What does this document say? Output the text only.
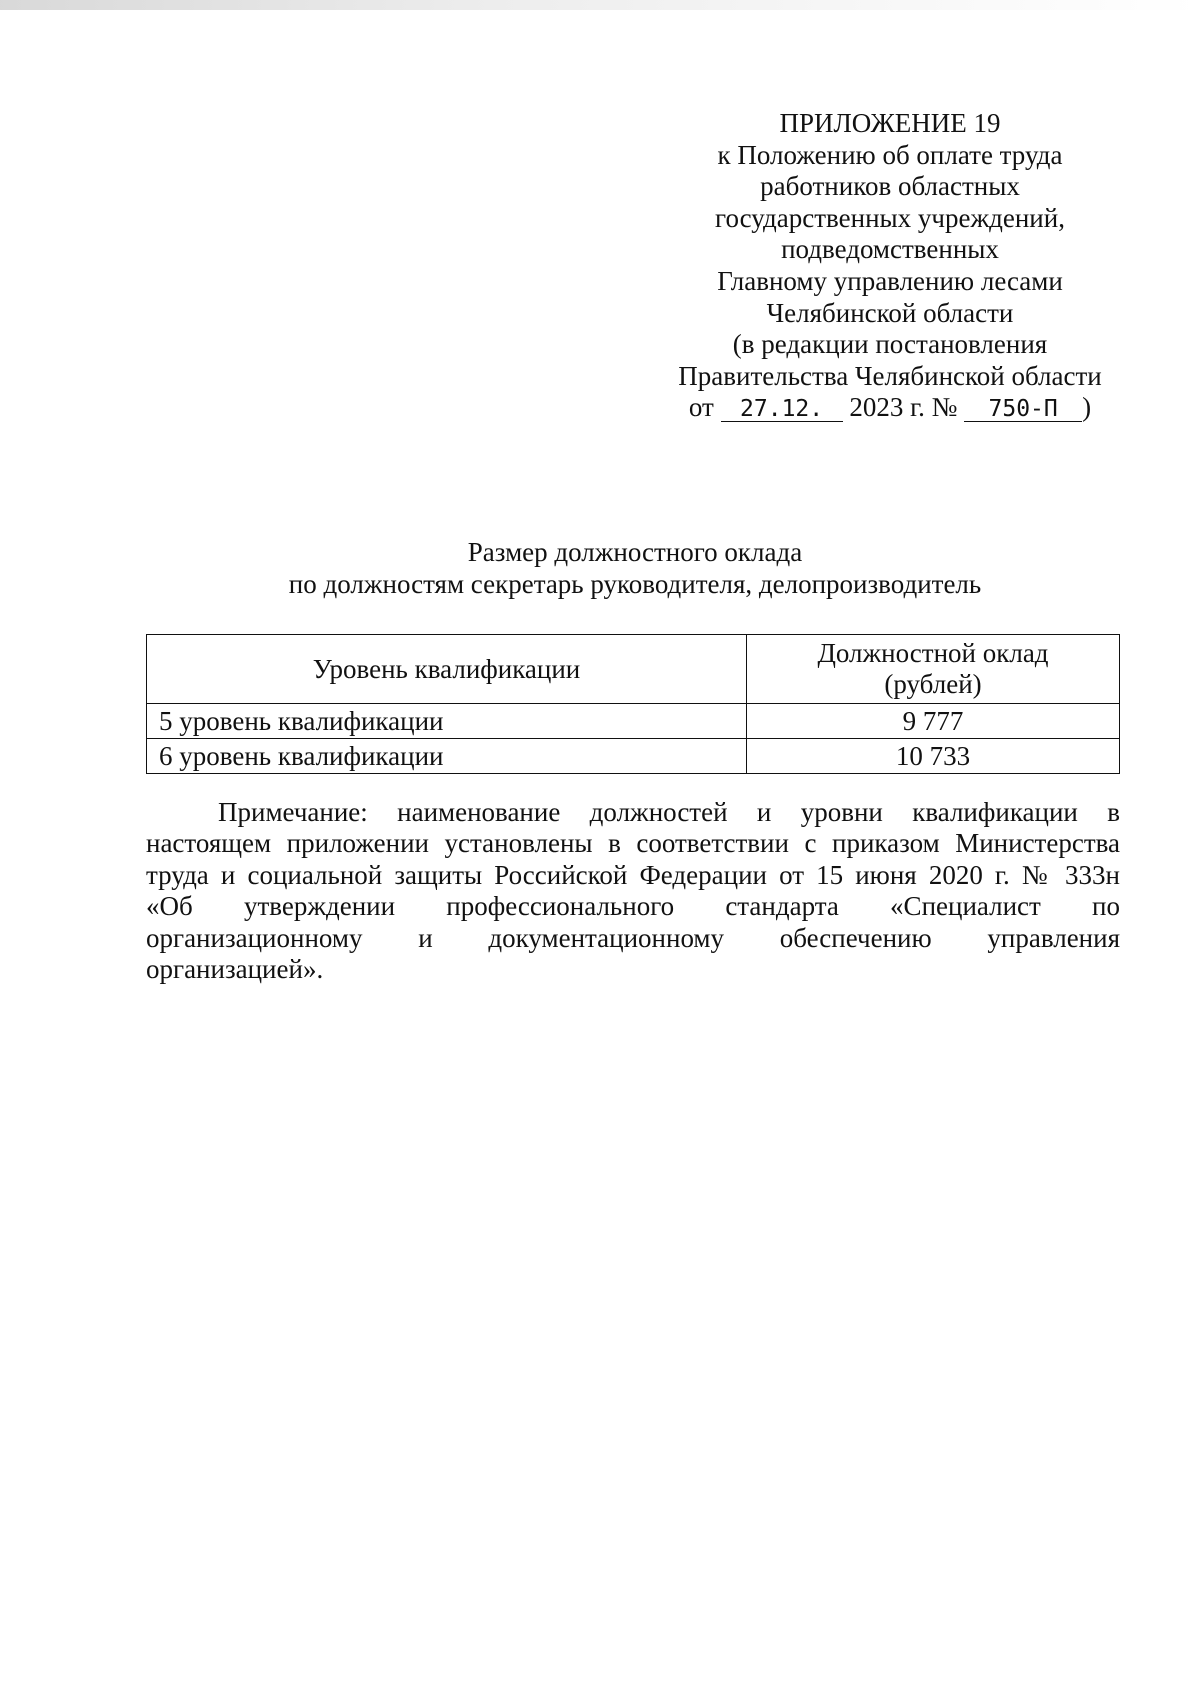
ПРИЛОЖЕНИЕ 19
к Положению об оплате труда
работников областных
государственных учреждений,
подведомственных
Главному управлению лесами
Челябинской области
(в редакции постановления
Правительства Челябинской области
от 27.12. 2023 г. № 750-П )
Размер должностного оклада
по должностям секретарь руководителя, делопроизводитель
Уровень квалификации	Должностной оклад
(рублей)

5 уровень квалификации	9 777
6 уровень квалификации	10 733
Примечание: наименование должностей и уровни квалификации в
настоящем приложении установлены в соответствии с приказом Министерства
труда и социальной защиты Российской Федерации от 15 июня 2020 г. № 333н
«Об утверждении профессионального стандарта «Специалист по
организационному и документационному обеспечению управления
организацией».
